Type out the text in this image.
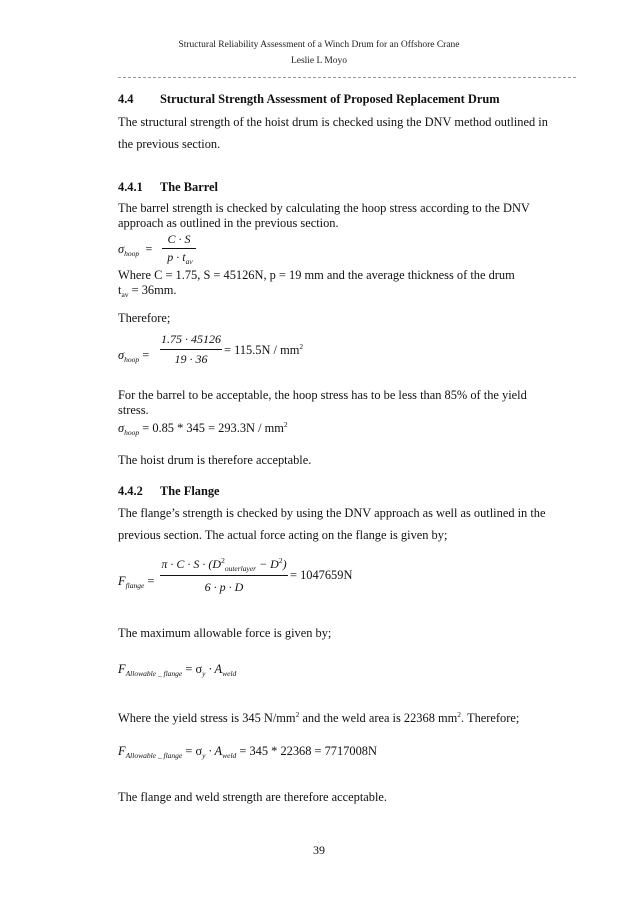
Structural Reliability Assessment of a Winch Drum for an Offshore Crane
Leslie L Moyo
4.4 Structural Strength Assessment of Proposed Replacement Drum
The structural strength of the hoist drum is checked using the DNV method outlined in
the previous section.
4.4.1 The Barrel
The barrel strength is checked by calculating the hoop stress according to the DNV
approach as outlined in the previous section.
$\sigma_{hoop}$  =
C · S
$p \cdot t_{av}$
Where C = 1.75, S = 45126N, p = 19 mm and the average thickness of the drum
$t_{av} = 36mm$.
Therefore;
$\sigma_{hoop}$ =
1.75 · 45126
19 · 36
= $115.5N / mm^2$
For the barrel to be acceptable, the hoop stress has to be less than 85% of the yield
stress.
$\sigma_{hoop} = 0.85 * 345 = 293.3N / mm^2$
The hoist drum is therefore acceptable.
4.4.2 The Flange
The flange’s strength is checked by using the DNV approach as well as outlined in the
previous section. The actual force acting on the flange is given by;
$F_{flange}$ =
$\pi \cdot C \cdot S \cdot (D^2_{outerlayer} - D^2)$
6 · p · D
= 1047659N
The maximum allowable force is given by;
$F_{Allowable \_ flange} = \sigma_y \cdot A_{weld}$
Where the yield stress is 345 $N/mm^2$ and the weld area is 22368 $mm^2$. Therefore;
$F_{Allowable \_ flange} = \sigma_y \cdot A_{weld} = 345 * 22368 = 7717008N$
The flange and weld strength are therefore acceptable.
39
